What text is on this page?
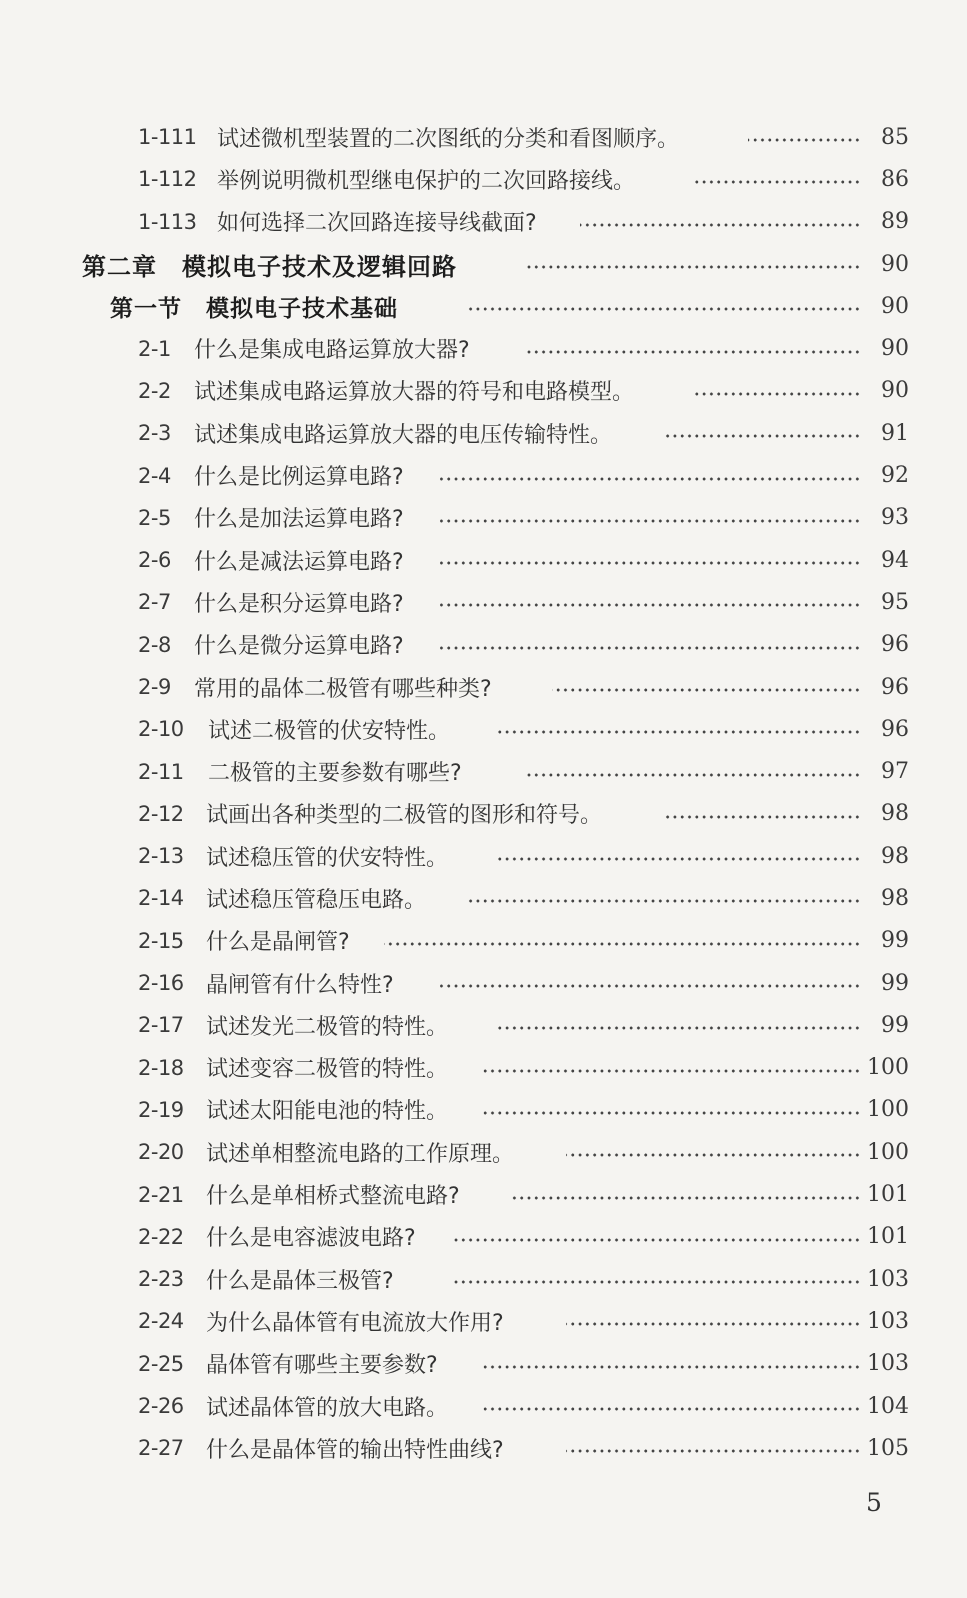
1-111 试述微机型装置的二次图纸的分类和看图顺序。	85
1-112 举例说明微机型继电保护的二次回路接线。	86
1-113 如何选择二次回路连接导线截面?	89
第二章　模拟电子技术及逻辑回路	90
第一节　模拟电子技术基础	90
2-1 什么是集成电路运算放大器?	90
2-2 试述集成电路运算放大器的符号和电路模型。	90
2-3 试述集成电路运算放大器的电压传输特性。	91
2-4 什么是比例运算电路?	92
2-5 什么是加法运算电路?	93
2-6 什么是减法运算电路?	94
2-7 什么是积分运算电路?	95
2-8 什么是微分运算电路?	96
2-9 常用的晶体二极管有哪些种类?	96
2-10 试述二极管的伏安特性。	96
2-11 二极管的主要参数有哪些?	97
2-12 试画出各种类型的二极管的图形和符号。	98
2-13 试述稳压管的伏安特性。	98
2-14 试述稳压管稳压电路。	98
2-15 什么是晶闸管?	99
2-16 晶闸管有什么特性?	99
2-17 试述发光二极管的特性。	99
2-18 试述变容二极管的特性。	100
2-19 试述太阳能电池的特性。	100
2-20 试述单相整流电路的工作原理。	100
2-21 什么是单相桥式整流电路?	101
2-22 什么是电容滤波电路?	101
2-23 什么是晶体三极管?	103
2-24 为什么晶体管有电流放大作用?	103
2-25 晶体管有哪些主要参数?	103
2-26 试述晶体管的放大电路。	104
2-27 什么是晶体管的输出特性曲线?	105
5
